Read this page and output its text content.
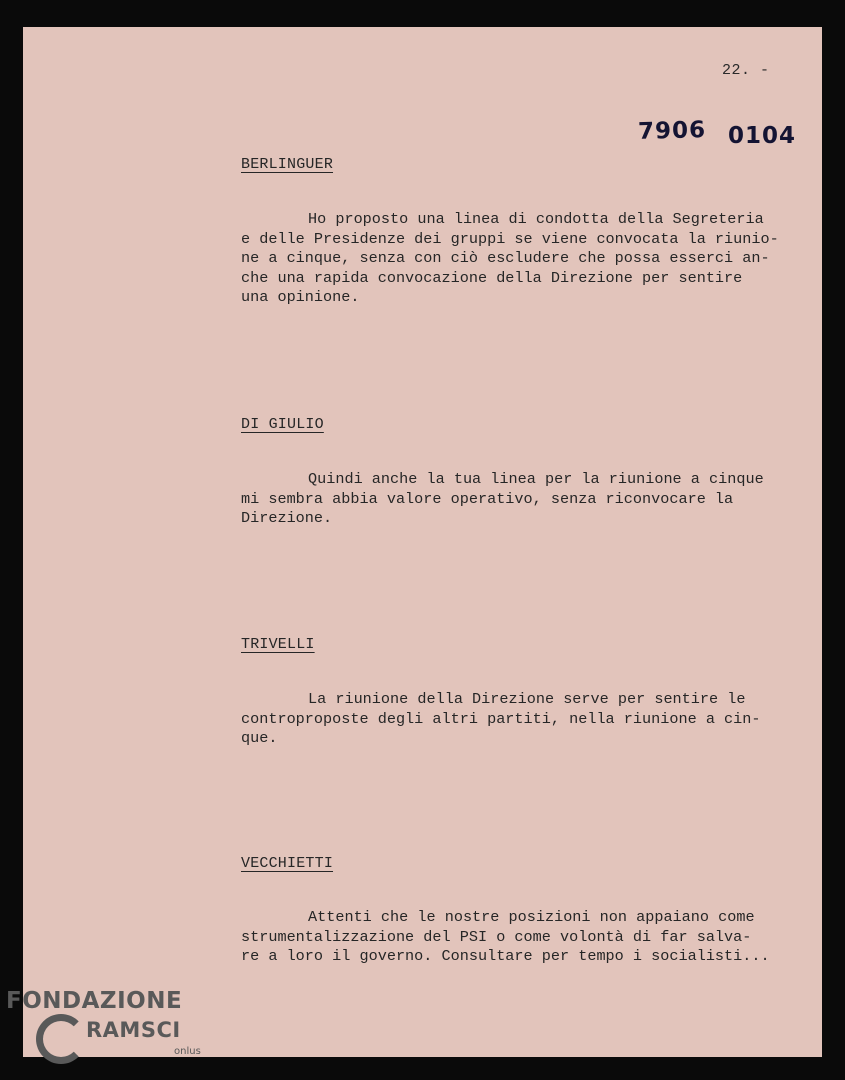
22. -
7906 0104
BERLINGUER

Ho proposto una linea di condotta della Segreteria
e delle Presidenze dei gruppi se viene convocata la riunio-
ne a cinque, senza con ciò escludere che possa esserci an-
che una rapida convocazione della Direzione per sentire
una opinione.

DI GIULIO

Quindi anche la tua linea per la riunione a cinque
mi sembra abbia valore operativo, senza riconvocare la
Direzione.

TRIVELLI

La riunione della Direzione serve per sentire le
controproposte degli altri partiti, nella riunione a cin-
que.

VECCHIETTI

Attenti che le nostre posizioni non appaiano come
strumentalizzazione del PSI o come volontà di far salva-
re a loro il governo. Consultare per tempo i socialisti...

FONDAZIONE
RAMSCI
onlus
